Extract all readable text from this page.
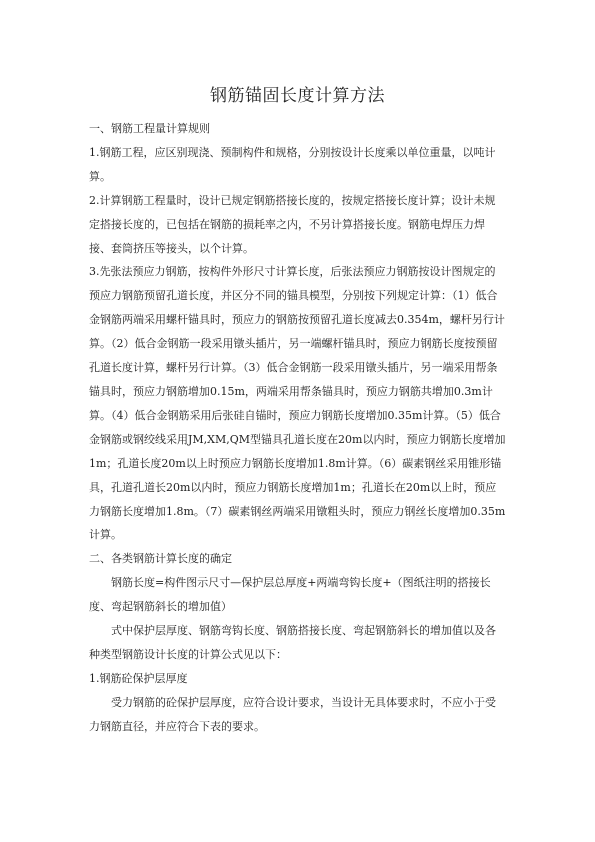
钢筋锚固长度计算方法

一、钢筋工程量计算规则

1.钢筋工程，应区别现浇、预制构件和规格，分别按设计长度乘以单位重量，以吨计算。

2.计算钢筋工程量时，设计已规定钢筋搭接长度的，按规定搭接长度计算；设计未规定搭接长度的，已包括在钢筋的损耗率之内，不另计算搭接长度。钢筋电焊压力焊接、套筒挤压等接头，以个计算。

3.先张法预应力钢筋，按构件外形尺寸计算长度，后张法预应力钢筋按设计图规定的预应力钢筋预留孔道长度，并区分不同的锚具模型，分别按下列规定计算：（1）低合金钢筋两端采用螺杆锚具时，预应力的钢筋按预留孔道长度减去0.354m，螺杆另行计算。（2）低合金钢筋一段采用镦头插片，另一端螺杆锚具时，预应力钢筋长度按预留孔道长度计算，螺杆另行计算。（3）低合金钢筋一段采用镦头插片，另一端采用帮条锚具时，预应力钢筋增加0.15m，两端采用帮条锚具时，预应力钢筋共增加0.3m计算。（4）低合金钢筋采用后张硅自锚时，预应力钢筋长度增加0.35m计算。（5）低合金钢筋或钢绞线采用JM,XM,QM型锚具孔道长度在20m以内时，预应力钢筋长度增加1m；孔道长度20m以上时预应力钢筋长度增加1.8m计算。（6）碳素钢丝采用锥形锚具，孔道孔道长20m以内时，预应力钢筋长度增加1m；孔道长在20m以上时，预应力钢筋长度增加1.8m。（7）碳素钢丝两端采用镦粗头时，预应力钢丝长度增加0.35m计算。

二、各类钢筋计算长度的确定

钢筋长度=构件图示尺寸—保护层总厚度+两端弯钩长度+（图纸注明的搭接长度、弯起钢筋斜长的增加值）

式中保护层厚度、钢筋弯钩长度、钢筋搭接长度、弯起钢筋斜长的增加值以及各种类型钢筋设计长度的计算公式见以下：

1.钢筋砼保护层厚度

受力钢筋的砼保护层厚度，应符合设计要求，当设计无具体要求时，不应小于受力钢筋直径，并应符合下表的要求。
